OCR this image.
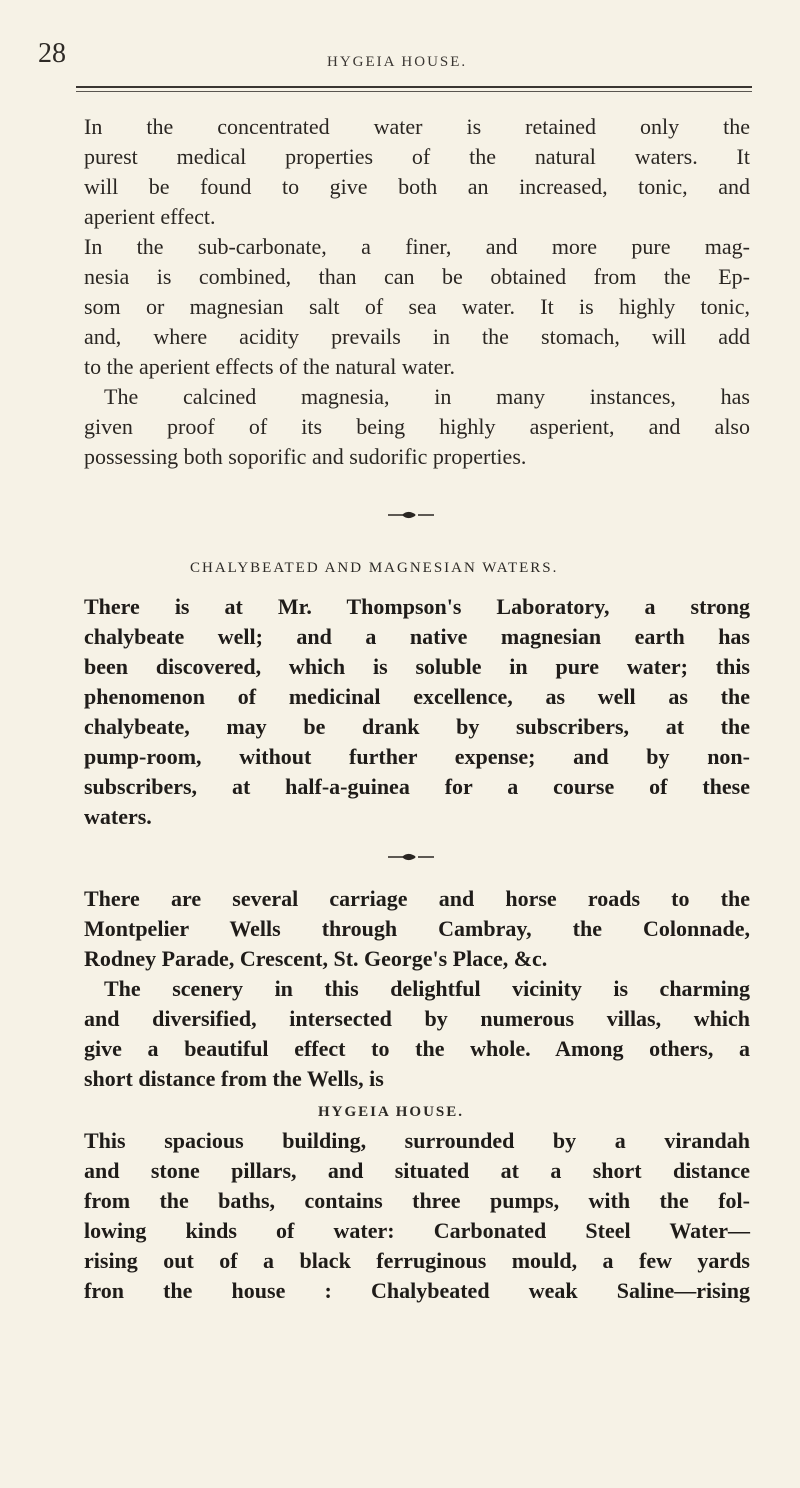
28	HYGEIA HOUSE.
In the concentrated water is retained only the
purest medical properties of the natural waters. It
will be found to give both an increased, tonic, and
aperient effect.
In the sub-carbonate, a finer, and more pure mag-
nesia is combined, than can be obtained from the Ep-
som or magnesian salt of sea water. It is highly tonic,
and, where acidity prevails in the stomach, will add
to the aperient effects of the natural water.
The calcined magnesia, in many instances, has
given proof of its being highly asperient, and also
possessing both soporific and sudorific properties.
CHALYBEATED AND MAGNESIAN WATERS.
There is at Mr. Thompson's Laboratory, a strong
chalybeate well; and a native magnesian earth has
been discovered, which is soluble in pure water; this
phenomenon of medicinal excellence, as well as the
chalybeate, may be drank by subscribers, at the
pump-room, without further expense; and by non-
subscribers, at half-a-guinea for a course of these
waters.
There are several carriage and horse roads to the
Montpelier Wells through Cambray, the Colonnade,
Rodney Parade, Crescent, St. George's Place, &c.
The scenery in this delightful vicinity is charming
and diversified, intersected by numerous villas, which
give a beautiful effect to the whole. Among others, a
short distance from the Wells, is
HYGEIA HOUSE.
This spacious building, surrounded by a virandah
and stone pillars, and situated at a short distance
from the baths, contains three pumps, with the fol-
lowing kinds of water: Carbonated Steel Water—
rising out of a black ferruginous mould, a few yards
fron the house : Chalybeated weak Saline—rising
